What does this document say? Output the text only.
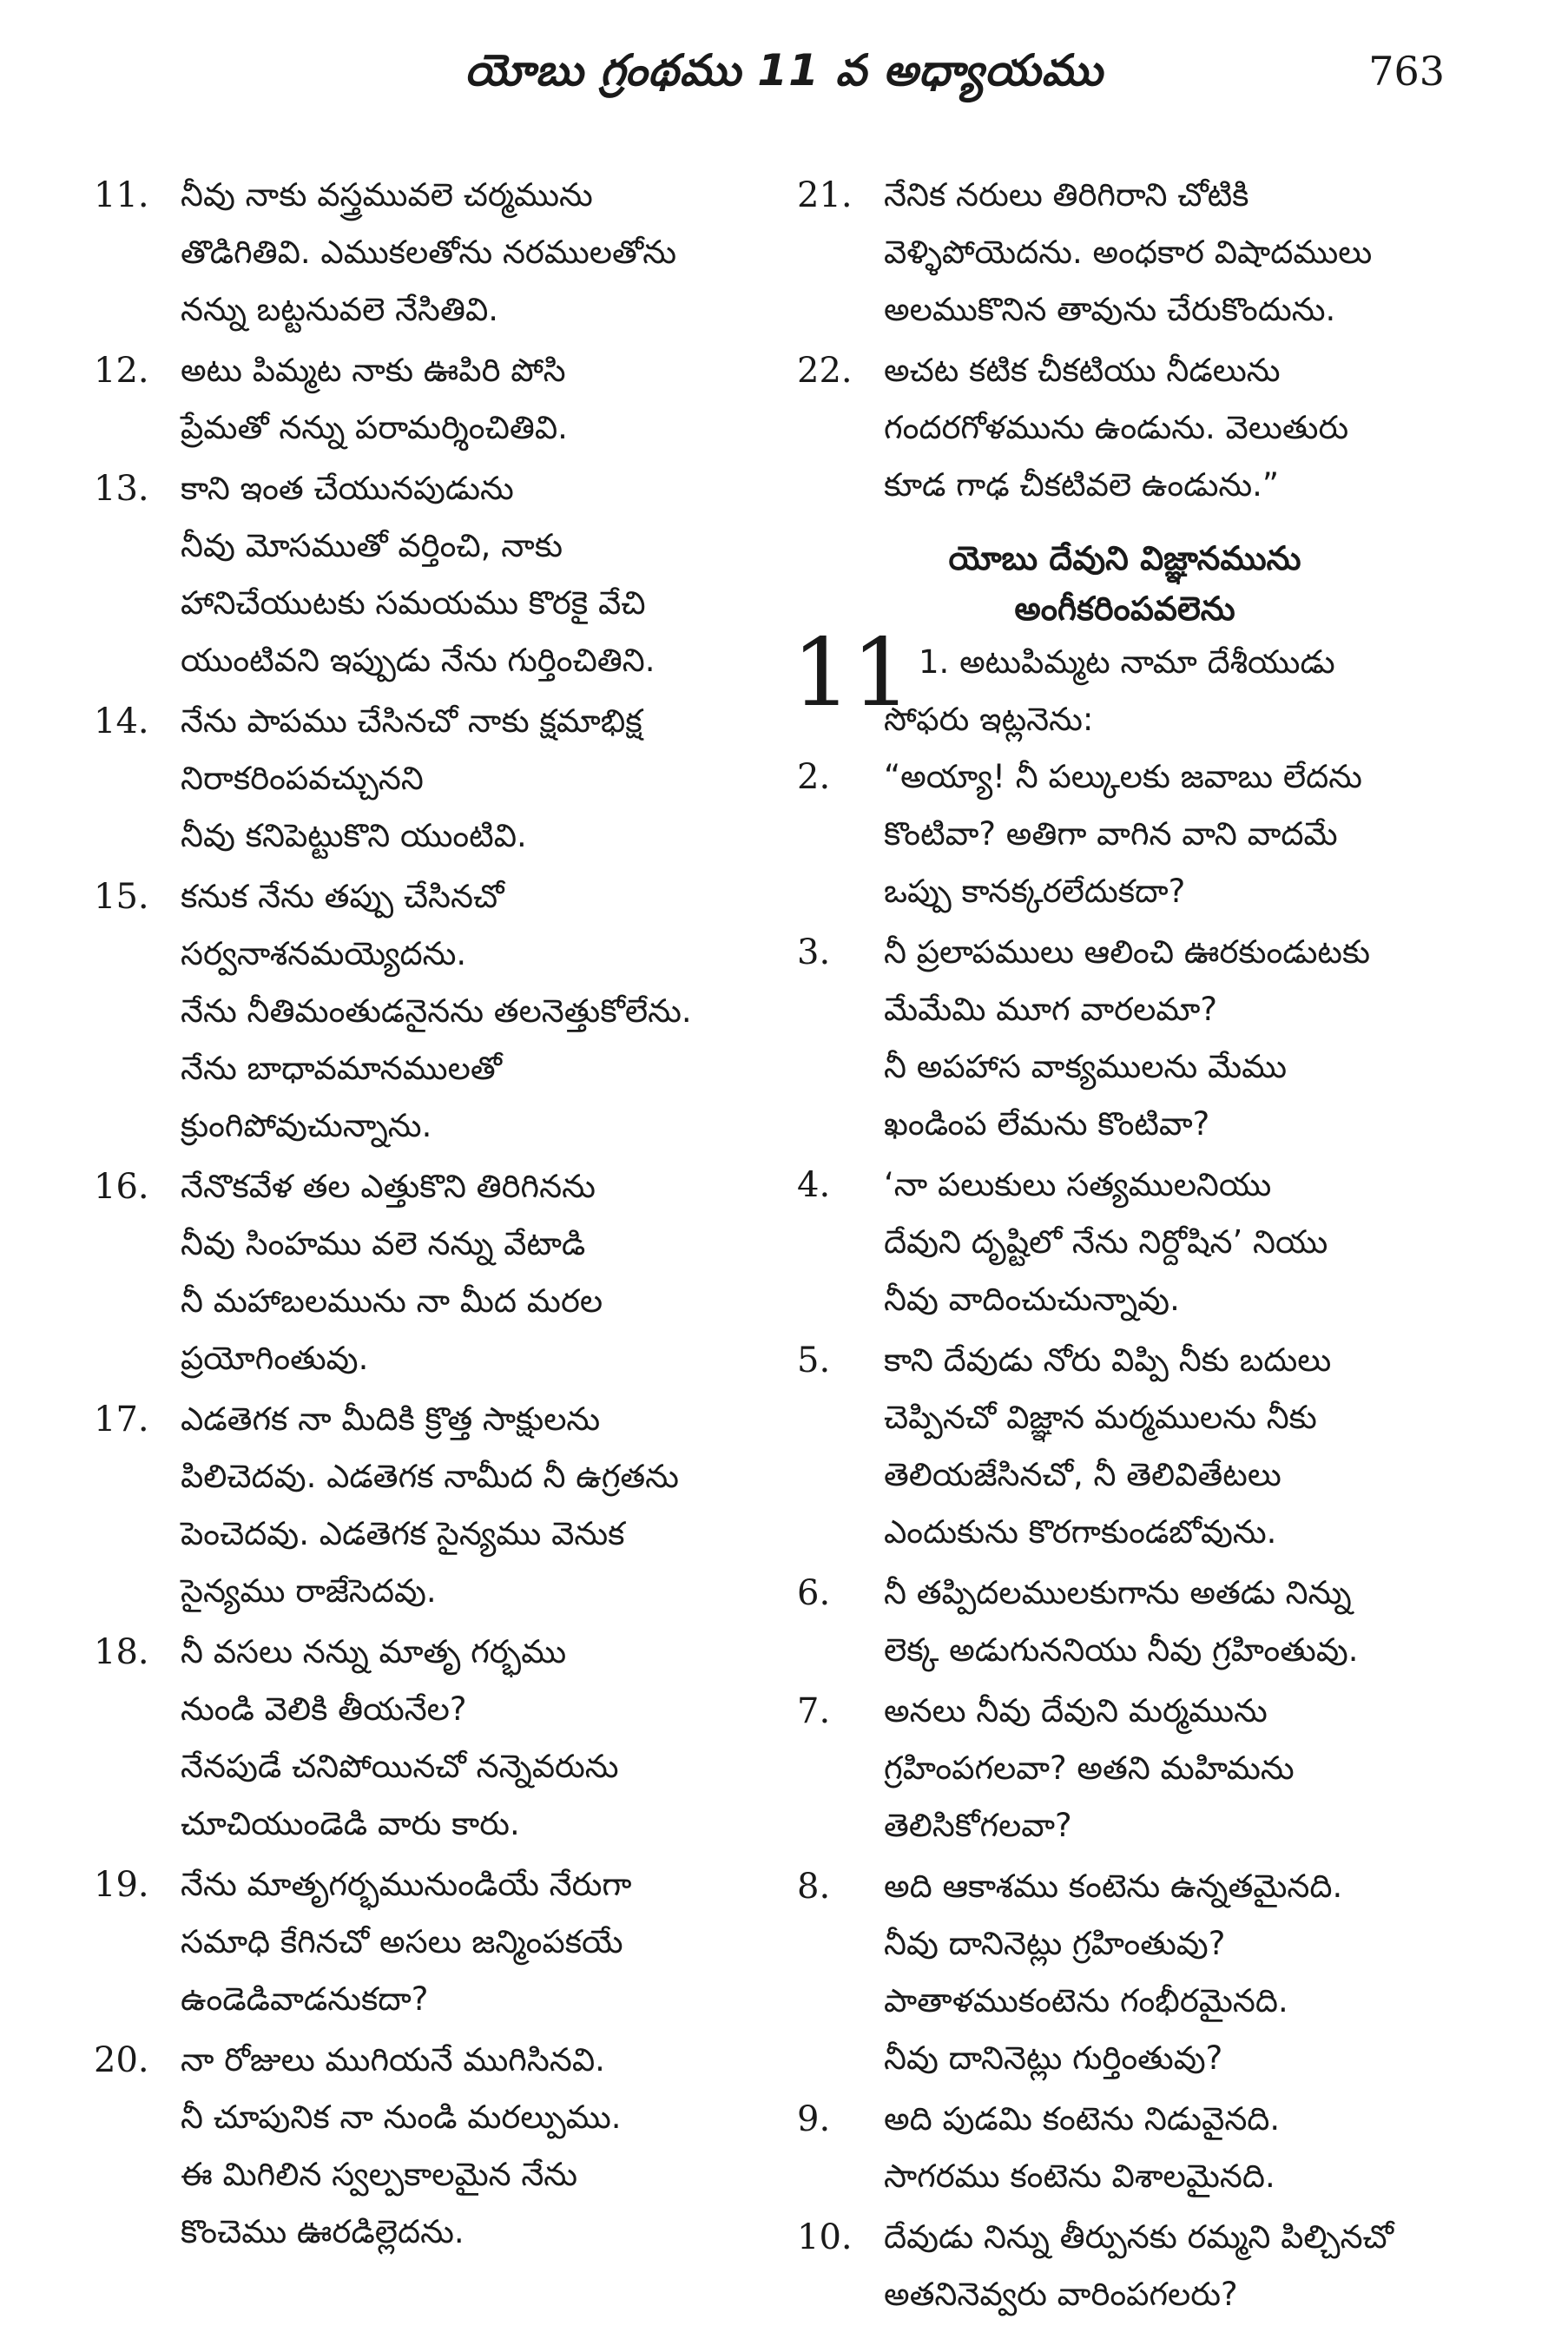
యోబు గ్రంథము 11 వ అధ్యాయము	763
11. నీవు నాకు వస్త్రమువలె చర్మమును
తొడిగితివి. ఎముకలతోను నరములతోను
నన్ను బట్టనువలె నేసితివి.
12. అటు పిమ్మట నాకు ఊపిరి పోసి
ప్రేమతో నన్ను పరామర్శించితివి.
13. కాని ఇంత చేయునపుడును
నీవు మోసముతో వర్తించి, నాకు
హానిచేయుటకు సమయము కొరకై వేచి
యుంటివని ఇప్పుడు నేను గుర్తించితిని.
14. నేను పాపము చేసినచో నాకు క్షమాభిక్ష
నిరాకరింపవచ్చునని
నీవు కనిపెట్టుకొని యుంటివి.
15. కనుక నేను తప్పు చేసినచో
సర్వనాశనమయ్యెదను.
నేను నీతిమంతుడనైనను తలనెత్తుకోలేను.
నేను బాధావమానములతో
క్రుంగిపోవుచున్నాను.
16. నేనొకవేళ తల ఎత్తుకొని తిరిగినను
నీవు సింహము వలె నన్ను వేటాడి
నీ మహాబలమును నా మీద మరల
ప్రయోగింతువు.
17. ఎడతెగక నా మీదికి క్రొత్త సాక్షులను
పిలిచెదవు. ఎడతెగక నామీద నీ ఉగ్రతను
పెంచెదవు. ఎడతెగక సైన్యము వెనుక
సైన్యము రాజేసెదవు.
18. నీ వసలు నన్ను మాతృ గర్భము
నుండి వెలికి తీయనేల?
నేనపుడే చనిపోయినచో నన్నెవరును
చూచియుండెడి వారు కారు.
19. నేను మాతృగర్భమునుండియే నేరుగా
సమాధి కేగినచో అసలు జన్మింపకయే
ఉండెడివాడనుకదా?
20. నా రోజులు ముగియనే ముగిసినవి.
నీ చూపునిక నా నుండి మరల్పుము.
ఈ మిగిలిన స్వల్పకాలమైన నేను
కొంచెము ఊరడిల్లెదను.
21. నేనిక నరులు తిరిగిరాని చోటికి
వెళ్ళిపోయెదను. అంధకార విషాదములు
అలముకొనిన తావును చేరుకొందును.
22. అచట కటిక చీకటియు నీడలును
గందరగోళమును ఉండును. వెలుతురు
కూడ గాఢ చీకటివలె ఉండును.”
యోబు దేవుని విజ్ఞానమును
అంగీకరింపవలెను
11 1. అటుపిమ్మట నామా దేశీయుడు
సోఫరు ఇట్లనెను:
2.	“అయ్యా! నీ పల్కులకు జవాబు లేదను
కొంటివా? అతిగా వాగిన వాని వాదమే
ఒప్పు కానక్కరలేదుకదా?
3.	నీ ప్రలాపములు ఆలించి ఊరకుండుటకు
మేమేమి మూగ వారలమా?
నీ అపహాస వాక్యములను మేము
ఖండింప లేమను కొంటివా?
4.	‘నా పలుకులు సత్యములనియు
దేవుని దృష్టిలో నేను నిర్దోషిన’ నియు
నీవు వాదించుచున్నావు.
5.	కాని దేవుడు నోరు విప్పి నీకు బదులు
చెప్పినచో విజ్ఞాన మర్మములను నీకు
తెలియజేసినచో, నీ తెలివితేటలు
ఎందుకును కొరగాకుండబోవును.
6.	నీ తప్పిదలములకుగాను అతడు నిన్ను
లెక్క అడుగుననియు నీవు గ్రహింతువు.
7.	అనలు నీవు దేవుని మర్మమును
గ్రహింపగలవా? అతని మహిమను
తెలిసికోగలవా?
8.	అది ఆకాశము కంటెను ఉన్నతమైనది.
నీవు దానినెట్లు గ్రహింతువు?
పాతాళముకంటెను గంభీరమైనది.
నీవు దానినెట్లు గుర్తింతువు?
9.	అది పుడమి కంటెను నిడువైనది.
సాగరము కంటెను విశాలమైనది.
10. దేవుడు నిన్ను తీర్పునకు రమ్మని పిల్చినచో
అతనినెవ్వరు వారింపగలరు?
